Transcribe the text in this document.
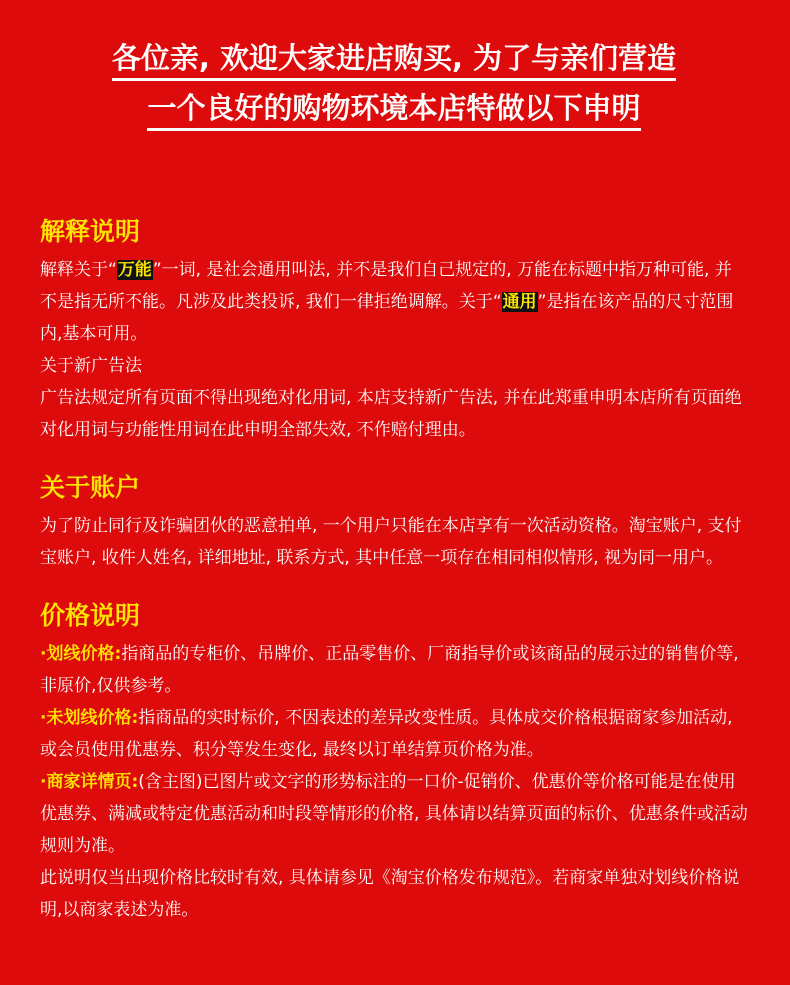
各位亲, 欢迎大家进店购买, 为了与亲们营造
一个良好的购物环境本店特做以下申明
解释说明

解释关于“万能”一词, 是社会通用叫法, 并不是我们自己规定的, 万能在标题中指万种可能, 并不是指无所不能。凡涉及此类投诉, 我们一律拒绝调解。关于“通用”是指在该产品的尺寸范围内,基本可用。

关于新广告法

广告法规定所有页面不得出现绝对化用词, 本店支持新广告法, 并在此郑重申明本店所有页面绝对化用词与功能性用词在此申明全部失效, 不作赔付理由。

关于账户

为了防止同行及诈骗团伙的恶意拍单, 一个用户只能在本店享有一次活动资格。淘宝账户, 支付宝账户, 收件人姓名, 详细地址, 联系方式, 其中任意一项存在相同相似情形, 视为同一用户。

价格说明

·划线价格:指商品的专柜价、吊牌价、正品零售价、厂商指导价或该商品的展示过的销售价等, 非原价,仅供参考。

·未划线价格:指商品的实时标价, 不因表述的差异改变性质。具体成交价格根据商家参加活动, 或会员使用优惠券、积分等发生变化, 最终以订单结算页价格为准。

·商家详情页:(含主图)已图片或文字的形势标注的一口价-促销价、优惠价等价格可能是在使用优惠券、满减或特定优惠活动和时段等情形的价格, 具体请以结算页面的标价、优惠条件或活动规则为准。

此说明仅当出现价格比较时有效, 具体请参见《淘宝价格发布规范》。若商家单独对划线价格说明,以商家表述为准。
